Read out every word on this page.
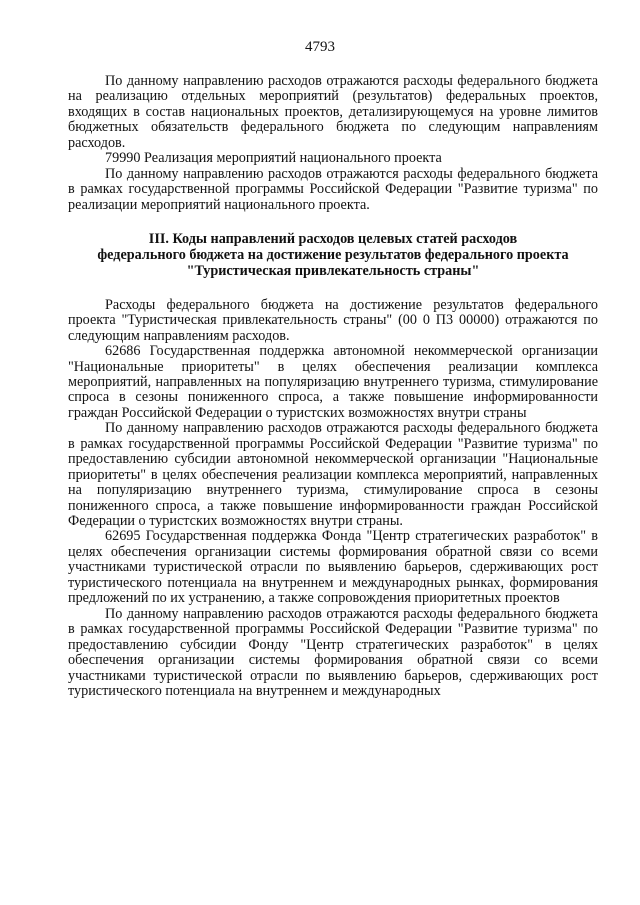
4793

По данному направлению расходов отражаются расходы федерального бюджета на реализацию отдельных мероприятий (результатов) федеральных проектов, входящих в состав национальных проектов, детализирующемуся на уровне лимитов бюджетных обязательств федерального бюджета по следующим направлениям расходов.

79990 Реализация мероприятий национального проекта

По данному направлению расходов отражаются расходы федерального бюджета в рамках государственной программы Российской Федерации "Развитие туризма" по реализации мероприятий национального проекта.

III. Коды направлений расходов целевых статей расходов
федерального бюджета на достижение результатов федерального проекта
"Туристическая привлекательность страны"

Расходы федерального бюджета на достижение результатов федерального проекта "Туристическая привлекательность страны" (00 0 П3 00000) отражаются по следующим направлениям расходов.

62686 Государственная поддержка автономной некоммерческой организации "Национальные приоритеты" в целях обеспечения реализации комплекса мероприятий, направленных на популяризацию внутреннего туризма, стимулирование спроса в сезоны пониженного спроса, а также повышение информированности граждан Российской Федерации о туристских возможностях внутри страны

По данному направлению расходов отражаются расходы федерального бюджета в рамках государственной программы Российской Федерации "Развитие туризма" по предоставлению субсидии автономной некоммерческой организации "Национальные приоритеты" в целях обеспечения реализации комплекса мероприятий, направленных на популяризацию внутреннего туризма, стимулирование спроса в сезоны пониженного спроса, а также повышение информированности граждан Российской Федерации о туристских возможностях внутри страны.

62695 Государственная поддержка Фонда "Центр стратегических разработок" в целях обеспечения организации системы формирования обратной связи со всеми участниками туристической отрасли по выявлению барьеров, сдерживающих рост туристического потенциала на внутреннем и международных рынках, формирования предложений по их устранению, а также сопровождения приоритетных проектов

По данному направлению расходов отражаются расходы федерального бюджета в рамках государственной программы Российской Федерации "Развитие туризма" по предоставлению субсидии Фонду "Центр стратегических разработок" в целях обеспечения организации системы формирования обратной связи со всеми участниками туристической отрасли по выявлению барьеров, сдерживающих рост туристического потенциала на внутреннем и международных
